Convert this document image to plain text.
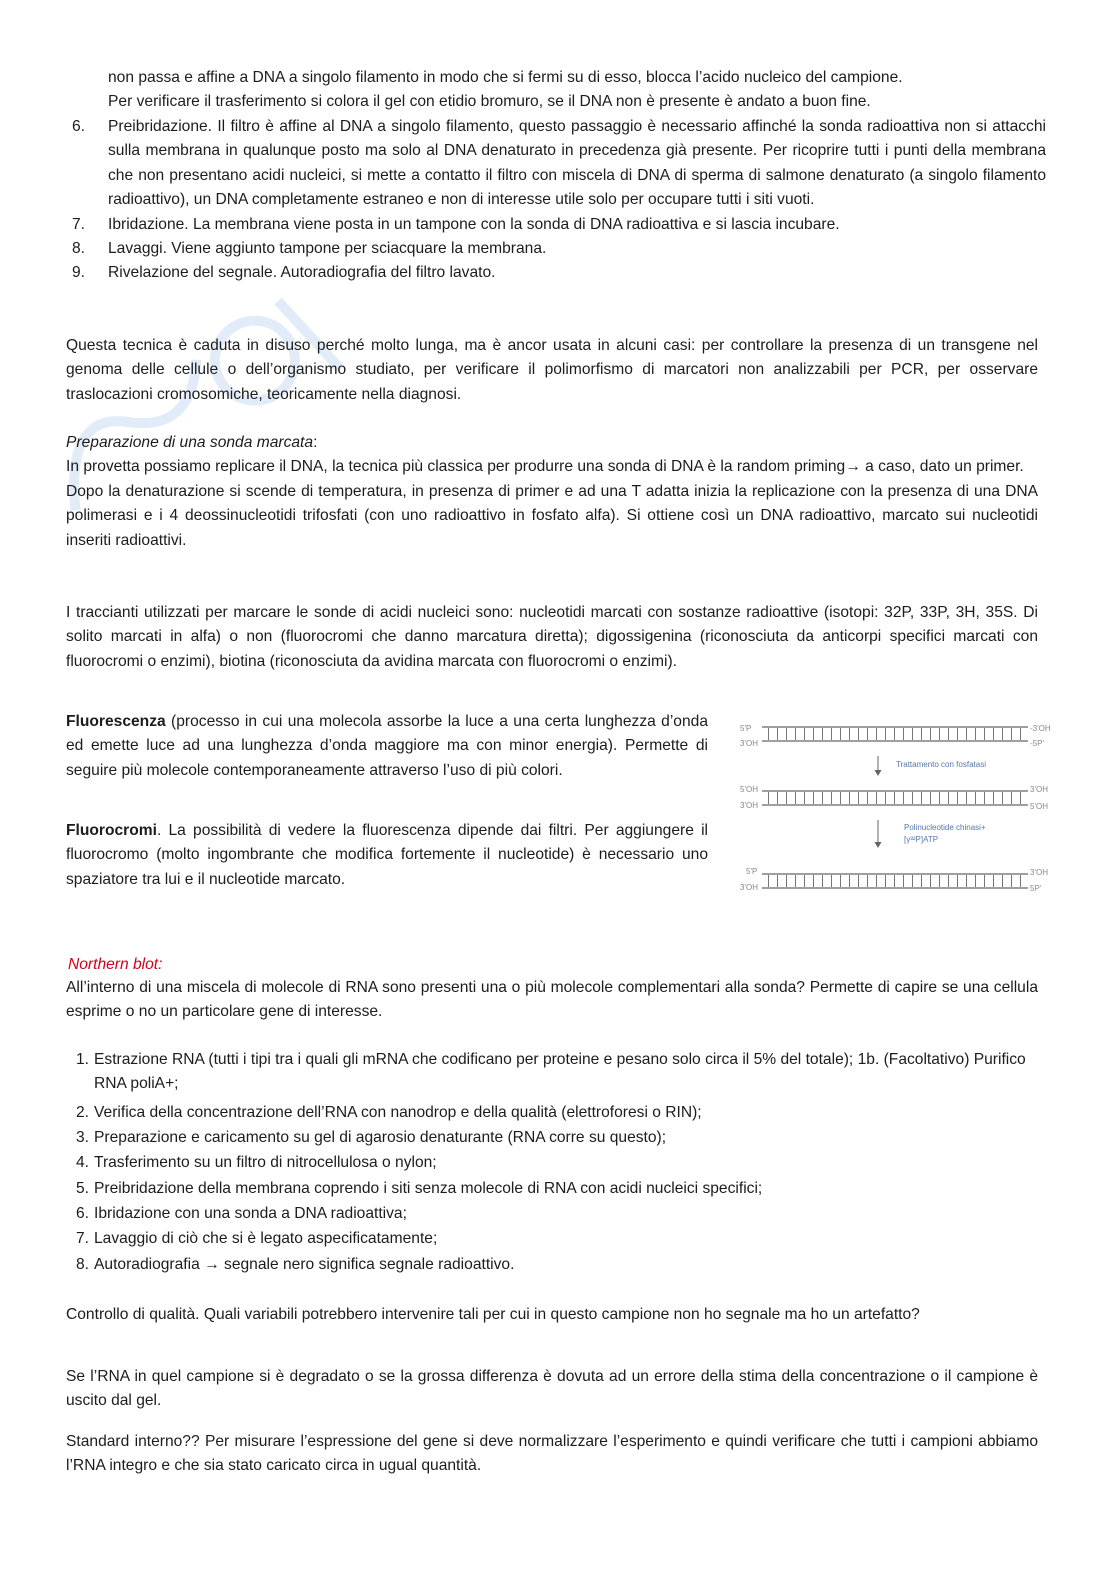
non passa e affine a DNA a singolo filamento in modo che si fermi su di esso, blocca l’acido nucleico del campione.
Per verificare il trasferimento si colora il gel con etidio bromuro, se il DNA non è presente è andato a buon fine.
6.	Preibridazione. Il filtro è affine al DNA a singolo filamento, questo passaggio è necessario affinché la sonda radioattiva non si attacchi sulla membrana in qualunque posto ma solo al DNA denaturato in precedenza già presente. Per ricoprire tutti i punti della membrana che non presentano acidi nucleici, si mette a contatto il filtro con miscela di DNA di sperma di salmone denaturato (a singolo filamento radioattivo), un DNA completamente estraneo e non di interesse utile solo per occupare tutti i siti vuoti.
7.	Ibridazione. La membrana viene posta in un tampone con la sonda di DNA radioattiva e si lascia incubare.
8.	Lavaggi. Viene aggiunto tampone per sciacquare la membrana.
9.	Rivelazione del segnale. Autoradiografia del filtro lavato.

Questa tecnica è caduta in disuso perché molto lunga, ma è ancor usata in alcuni casi: per controllare la presenza di un transgene nel genoma delle cellule o dell’organismo studiato, per verificare il polimorfismo di marcatori non analizzabili per PCR, per osservare traslocazioni cromosomiche, teoricamente nella diagnosi.

Preparazione di una sonda marcata:
In provetta possiamo replicare il DNA, la tecnica più classica per produrre una sonda di DNA è la random priming→ a caso, dato un primer.
Dopo la denaturazione si scende di temperatura, in presenza di primer e ad una T adatta inizia la replicazione con la presenza di una DNA polimerasi e i 4 deossinucleotidi trifosfati (con uno radioattivo in fosfato alfa). Si ottiene così un DNA radioattivo, marcato sui nucleotidi inseriti radioattivi.

I traccianti utilizzati per marcare le sonde di acidi nucleici sono: nucleotidi marcati con sostanze radioattive (isotopi: 32P, 33P, 3H, 35S. Di solito marcati in alfa) o non (fluorocromi che danno marcatura diretta); digossigenina (riconosciuta da anticorpi specifici marcati con fluorocromi o enzimi), biotina (riconosciuta da avidina marcata con fluorocromi o enzimi).

Fluorescenza (processo in cui una molecola assorbe la luce a una certa lunghezza d’onda ed emette luce ad una lunghezza d’onda maggiore ma con minor energia). Permette di seguire più molecole contemporaneamente attraverso l’uso di più colori.

Fluorocromi. La possibilità di vedere la fluorescenza dipende dai filtri. Per aggiungere il fluorocromo (molto ingombrante che modifica fortemente il nucleotide) è necessario uno spaziatore tra lui e il nucleotide marcato.

5'P
3'OH
-3'OH
-5P'
Trattamento con fosfatasi
5'OH
3'OH
3'OH
5'OH
Polinucleotide chinasi+
[γ³²P]ATP
5'P
3'OH
3'OH
5P'
Northern blot:

All’interno di una miscela di molecole di RNA sono presenti una o più molecole complementari alla sonda? Permette di capire se una cellula esprime o no un particolare gene di interesse.

1. Estrazione RNA (tutti i tipi tra i quali gli mRNA che codificano per proteine e pesano solo circa il 5% del totale); 1b. (Facoltativo) Purifico RNA poliA+;
2. Verifica della concentrazione dell’RNA con nanodrop e della qualità (elettroforesi o RIN);
3. Preparazione e caricamento su gel di agarosio denaturante (RNA corre su questo);
4. Trasferimento su un filtro di nitrocellulosa o nylon;
5. Preibridazione della membrana coprendo i siti senza molecole di RNA con acidi nucleici specifici;
6. Ibridazione con una sonda a DNA radioattiva;
7. Lavaggio di ciò che si è legato aspecificatamente;
8. Autoradiografia → segnale nero significa segnale radioattivo.

Controllo di qualità. Quali variabili potrebbero intervenire tali per cui in questo campione non ho segnale ma ho un artefatto?

Se l’RNA in quel campione si è degradato o se la grossa differenza è dovuta ad un errore della stima della concentrazione o il campione è uscito dal gel.

Standard interno?? Per misurare l’espressione del gene si deve normalizzare l’esperimento e quindi verificare che tutti i campioni abbiamo l’RNA integro e che sia stato caricato circa in ugual quantità.
